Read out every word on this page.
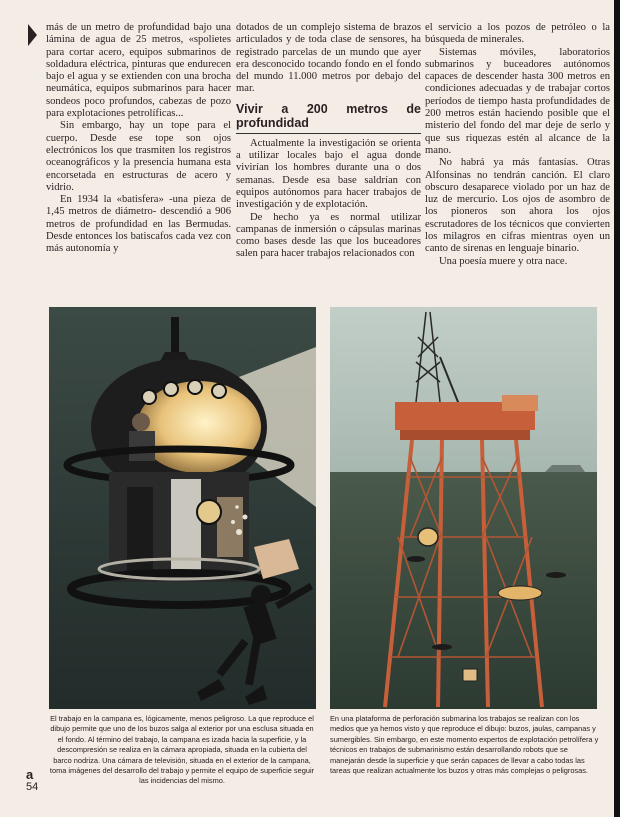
más de un metro de profundidad bajo una lámina de agua de 25 metros, «spolietes para cortar acero, equipos submarinos de soldadura eléctrica, pinturas que endurecen bajo el agua y se extienden con una brocha neumática, equipos submarinos para hacer sondeos poco profundos, cabezas de pozo para explotaciones petrolíficas...

Sin embargo, hay un tope para el cuerpo. Desde ese tope son ojos electrónicos los que trasmiten los registros oceanográficos y la presencia humana esta encorsetada en estructuras de acero y vidrio.

En 1934 la «batisfera» -una pieza de 1,45 metros de diámetro- descendió a 906 metros de profundidad en las Bermudas. Desde entonces los batiscafos cada vez con más autonomía y

dotados de un complejo sistema de brazos articulados y de toda clase de sensores, ha registrado parcelas de un mundo que ayer era desconocido tocando fondo en el fondo del mundo 11.000 metros por debajo del mar.

Vivir a 200 metros de profundidad

Actualmente la investigación se orienta a utilizar locales bajo el agua donde vivirían los hombres durante una o dos semanas. Desde esa base saldrían con equipos autónomos para hacer trabajos de investigación y de explotación.

De hecho ya es normal utilizar campanas de inmersión o cápsulas marinas como bases desde las que los buceadores salen para hacer trabajos relacionados con

el servicio a los pozos de petróleo o la búsqueda de minerales.

Sistemas móviles, laboratorios submarinos y buceadores autónomos capaces de descender hasta 300 metros en condiciones adecuadas y de trabajar cortos períodos de tiempo hasta profundidades de 200 metros están haciendo posible que el misterio del fondo del mar deje de serlo y que sus riquezas estén al alcance de la mano.

No habrá ya más fantasías. Otras Alfonsinas no tendrán canción. El claro obscuro desaparece violado por un haz de luz de mercurio. Los ojos de asombro de los pioneros son ahora los ojos escrutadores de los técnicos que convierten los milagros en cifras mientras oyen un canto de sirenas en lenguaje binario.

Una poesía muere y otra nace.

El trabajo en la campana es, lógicamente, menos peligroso. La que reproduce el dibujo permite que uno de los buzos salga al exterior por una esclusa situada en el fondo. Al término del trabajo, la campana es izada hacia la superficie, y la descompresión se realiza en la cámara apropiada, situada en la cubierta del barco nodriza. Una cámara de televisión, situada en el exterior de la campana, toma imágenes del desarrollo del trabajo y permite el equipo de superficie seguir las incidencias del mismo.
En una plataforma de perforación submarina los trabajos se realizan con los medios que ya hemos visto y que reproduce el dibujo: buzos, jaulas, campanas y sumergibles. Sin embargo, en este momento expertos de explotación petrolífera y técnicos en trabajos de submarinismo están desarrollando robots que se manejarán desde la superficie y que serán capaces de llevar a cabo todas las tareas que realizan actualmente los buzos y otras más complejas o peligrosas.
a
54
